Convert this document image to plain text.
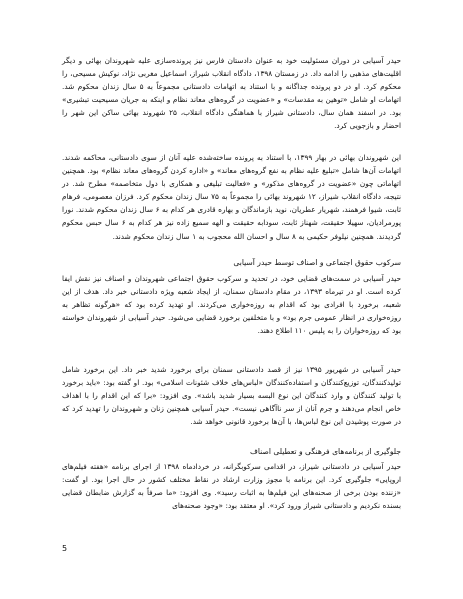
حیدر آسیابی در دوران مسئولیت خود به عنوان دادستان فارس نیز پرونده‌سازی علیه شهروندان بهائی و دیگر اقلیت‌های مذهبی را ادامه داد. در زمستان ۱۳۹۸، دادگاه انقلاب شیراز، اسماعیل مغربی نژاد، نوکیش مسیحی، را محکوم کرد. او در دو پرونده جداگانه و با استناد به اتهامات دادستانی مجموعاً به ۵ سال زندان محکوم شد. اتهامات او شامل «توهین به مقدسات» و «عضویت در گروه‌های معاند نظام و اینکه به جریان مسیحیت تبشیری» بود. در اسفند همان سال، دادستانی شیراز با هماهنگی دادگاه انقلاب، ۲۵ شهروند بهائی ساکن این شهر را احضار و بازجویی کرد.

این شهروندان بهائی در بهار ۱۳۹۹، با استناد به پرونده ساخته‌شده علیه آنان از سوی دادستانی، محاکمه شدند. اتهامات آن‌ها شامل «تبلیغ علیه نظام به نفع گروه‌های معاند» و «اداره کردن گروه‌های معاند نظام» بود. همچنین اتهاماتی چون «عضویت در گروه‌های مذکور» و «فعالیت تبلیغی و همکاری با دول متخاصمه» مطرح شد. در نتیجه، دادگاه انقلاب شیراز، ۱۲ شهروند بهائی را مجموعاً به ۷۵ سال زندان محکوم کرد. فرزان معصومی، فرهام ثابت، شیوا فرهمند، شهریار عطریان، نوید بازماندگان و بهاره قادری هر کدام به ۶ سال زندان محکوم شدند. نورا پورمرادیان، سهیلا حقیقت، شهناز ثابت، سودابه حقیقت و الهه سمیع زاده نیز هر کدام به ۶ سال حبس محکوم گردیدند. همچنین نیلوفر حکیمی به ۸ سال و احسان الله محجوب به ۱ سال زندان محکوم شدند.

سرکوب حقوق اجتماعی و اصناف توسط حیدر آسیابی

حیدر آسیابی در سمت‌های قضایی خود، در تحدید و سرکوب حقوق اجتماعی شهروندان و اصناف نیز نقش ایفا کرده است. او در تیرماه ۱۳۹۳، در مقام دادستان سمنان، از ایجاد شعبه ویژه دادستانی خبر داد. هدف از این شعبه، برخورد با افرادی بود که اقدام به روزه‌خواری می‌کردند. او تهدید کرده بود که «هرگونه تظاهر به روزه‌خواری در انظار عمومی جرم بود» و با متخلفین برخورد قضایی می‌شود. حیدر آسیابی از شهروندان خواسته بود که روزه‌خواران را به پلیس ۱۱۰ اطلاع دهند.

حیدر آسیابی در شهریور ۱۳۹۵ نیز از قصد دادستانی سمنان برای برخورد شدید خبر داد. این برخورد شامل تولیدکنندگان، توزیع‌کنندگان و استفاده‌کنندگان «لباس‌های خلاف شئونات اسلامی» بود. او گفته بود: «باید برخورد با تولید کنندگان و وارد کنندگان این نوع البسه بسیار شدید باشد». وی افزود: «برا که این اقدام را با اهداف خاص انجام می‌دهند و جرم آنان از سر ناآگاهی نیست». حیدر آسیابی همچنین زنان و شهروندان را تهدید کرد که در صورت پوشیدن این نوع لباس‌ها، با آن‌ها برخورد قانونی خواهد شد.

جلوگیری از برنامه‌های فرهنگی و تعطیلی اصناف

حیدر آسیابی در دادستانی شیراز، در اقدامی سرکوبگرانه، در خردادماه ۱۳۹۸ از اجرای برنامه «هفته فیلم‌های اروپایی» جلوگیری کرد. این برنامه با مجوز وزارت ارشاد در نقاط مختلف کشور در حال اجرا بود. او گفت: «زننده بودن برخی از صحنه‌های این فیلم‌ها به اثبات رسید». وی افزود: «ما صرفاً به گزارش ضابطان قضایی بسنده نکردیم و دادستانی شیراز ورود کرد». او معتقد بود: «وجود صحنه‌های

5
